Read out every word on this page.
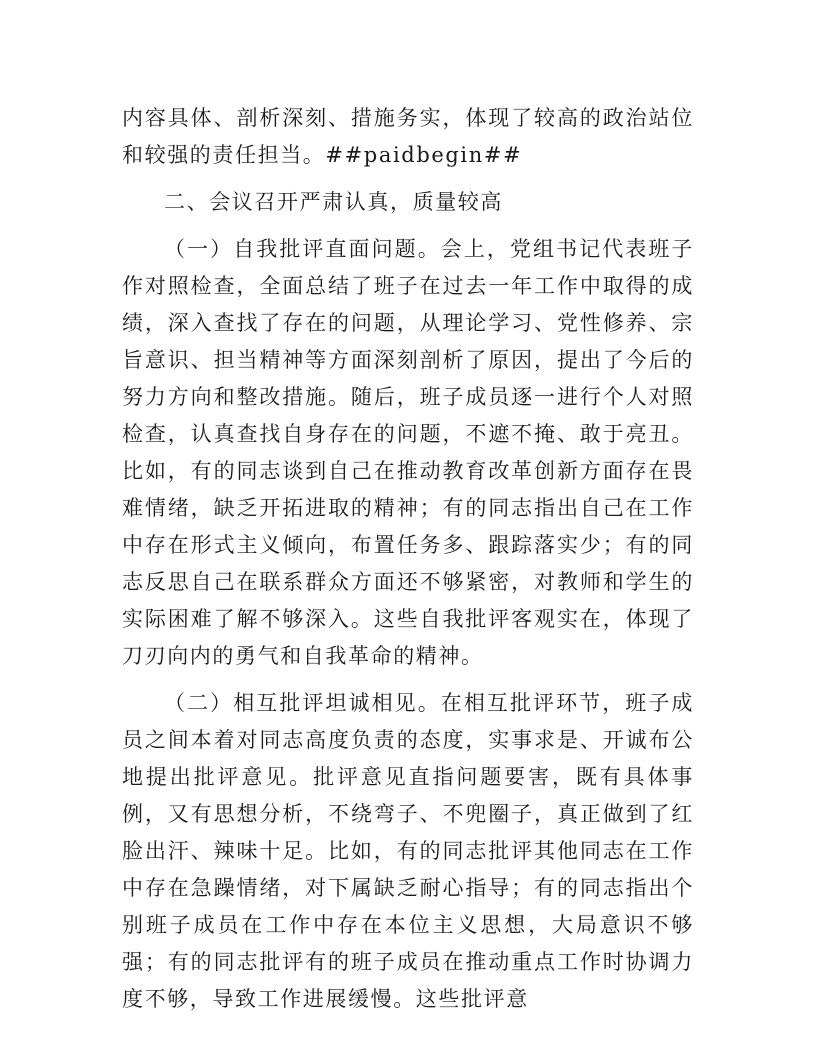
内容具体、剖析深刻、措施务实，体现了较高的政治站位和较强的责任担当。##paidbegin##

二、会议召开严肃认真，质量较高

（一）自我批评直面问题。会上，党组书记代表班子作对照检查，全面总结了班子在过去一年工作中取得的成绩，深入查找了存在的问题，从理论学习、党性修养、宗旨意识、担当精神等方面深刻剖析了原因，提出了今后的努力方向和整改措施。随后，班子成员逐一进行个人对照检查，认真查找自身存在的问题，不遮不掩、敢于亮丑。比如，有的同志谈到自己在推动教育改革创新方面存在畏难情绪，缺乏开拓进取的精神；有的同志指出自己在工作中存在形式主义倾向，布置任务多、跟踪落实少；有的同志反思自己在联系群众方面还不够紧密，对教师和学生的实际困难了解不够深入。这些自我批评客观实在，体现了刀刃向内的勇气和自我革命的精神。

（二）相互批评坦诚相见。在相互批评环节，班子成员之间本着对同志高度负责的态度，实事求是、开诚布公地提出批评意见。批评意见直指问题要害，既有具体事例，又有思想分析，不绕弯子、不兜圈子，真正做到了红脸出汗、辣味十足。比如，有的同志批评其他同志在工作中存在急躁情绪，对下属缺乏耐心指导；有的同志指出个别班子成员在工作中存在本位主义思想，大局意识不够强；有的同志批评有的班子成员在推动重点工作时协调力度不够，导致工作进展缓慢。这些批评意
